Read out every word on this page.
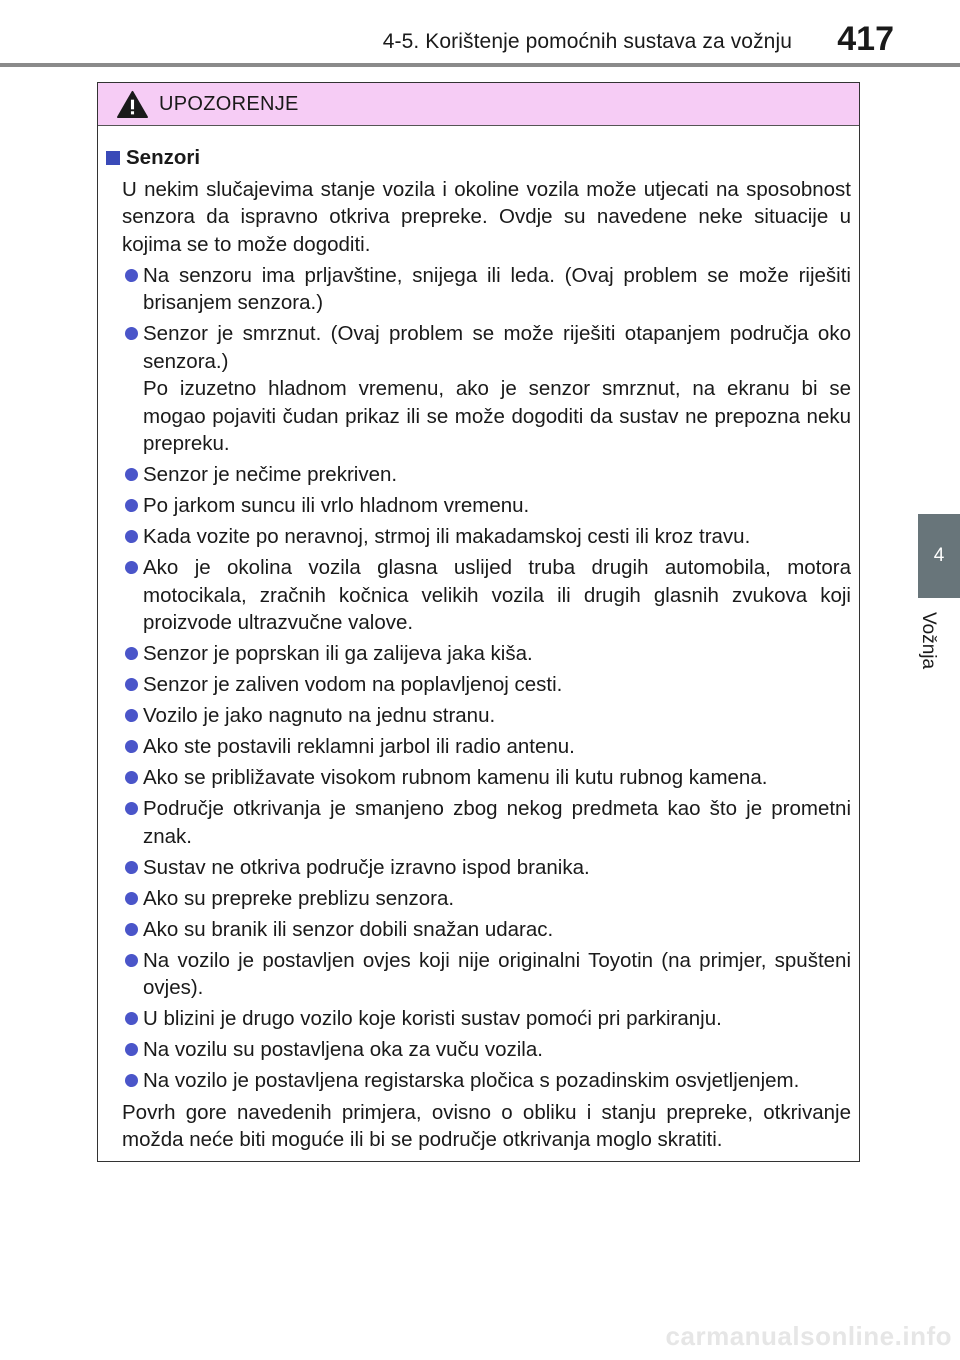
4-5. Korištenje pomoćnih sustava za vožnju 417
4
Vožnja
UPOZORENJE
Senzori
U nekim slučajevima stanje vozila i okoline vozila može utjecati na sposobnost senzora da ispravno otkriva prepreke. Ovdje su navedene neke situacije u kojima se to može dogoditi.
Na senzoru ima prljavštine, snijega ili leda. (Ovaj problem se može riješiti brisanjem senzora.)
Senzor je smrznut. (Ovaj problem se može riješiti otapanjem područja oko senzora.)
Po izuzetno hladnom vremenu, ako je senzor smrznut, na ekranu bi se mogao pojaviti čudan prikaz ili se može dogoditi da sustav ne prepozna neku prepreku.
Senzor je nečime prekriven.
Po jarkom suncu ili vrlo hladnom vremenu.
Kada vozite po neravnoj, strmoj ili makadamskoj cesti ili kroz travu.
Ako je okolina vozila glasna uslijed truba drugih automobila, motora motocikala, zračnih kočnica velikih vozila ili drugih glasnih zvukova koji proizvode ultrazvučne valove.
Senzor je poprskan ili ga zalijeva jaka kiša.
Senzor je zaliven vodom na poplavljenoj cesti.
Vozilo je jako nagnuto na jednu stranu.
Ako ste postavili reklamni jarbol ili radio antenu.
Ako se približavate visokom rubnom kamenu ili kutu rubnog kamena.
Područje otkrivanja je smanjeno zbog nekog predmeta kao što je prometni znak.
Sustav ne otkriva područje izravno ispod branika.
Ako su prepreke preblizu senzora.
Ako su branik ili senzor dobili snažan udarac.
Na vozilo je postavljen ovjes koji nije originalni Toyotin (na primjer, spušteni ovjes).
U blizini je drugo vozilo koje koristi sustav pomoći pri parkiranju.
Na vozilu su postavljena oka za vuču vozila.
Na vozilo je postavljena registarska pločica s pozadinskim osvjetljenjem.
Povrh gore navedenih primjera, ovisno o obliku i stanju prepreke, otkrivanje možda neće biti moguće ili bi se područje otkrivanja moglo skratiti.
carmanualsonline.info
